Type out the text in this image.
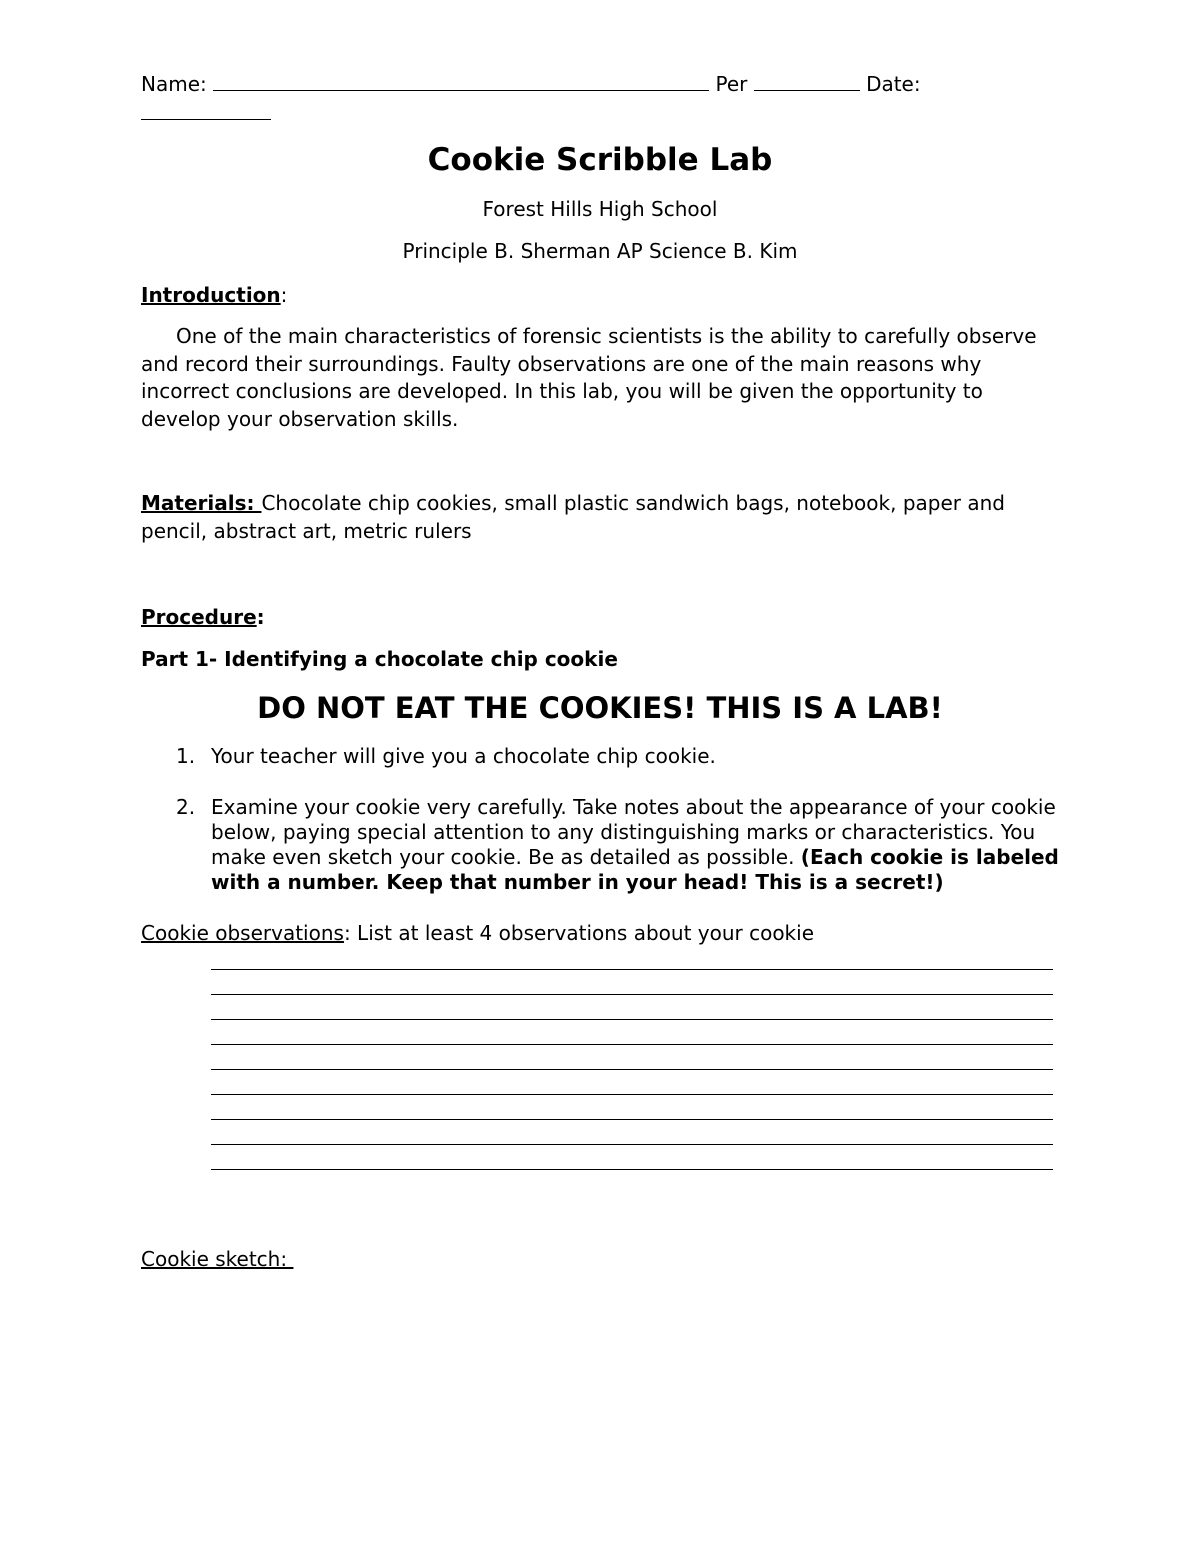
Name:	Per	Date:
Cookie Scribble Lab
Forest Hills High School
Principle B. Sherman AP Science B. Kim
Introduction:
One of the main characteristics of forensic scientists is the ability to carefully observe and record their surroundings. Faulty observations are one of the main reasons why incorrect conclusions are developed. In this lab, you will be given the opportunity to develop your observation skills.
Materials: Chocolate chip cookies, small plastic sandwich bags, notebook, paper and pencil, abstract art, metric rulers
Procedure:
Part 1- Identifying a chocolate chip cookie
DO NOT EAT THE COOKIES! THIS IS A LAB!
1. Your teacher will give you a chocolate chip cookie.
2. Examine your cookie very carefully. Take notes about the appearance of your cookie below, paying special attention to any distinguishing marks or characteristics. You make even sketch your cookie. Be as detailed as possible. (Each cookie is labeled with a number. Keep that number in your head! This is a secret!)
Cookie observations: List at least 4 observations about your cookie
Cookie sketch:
